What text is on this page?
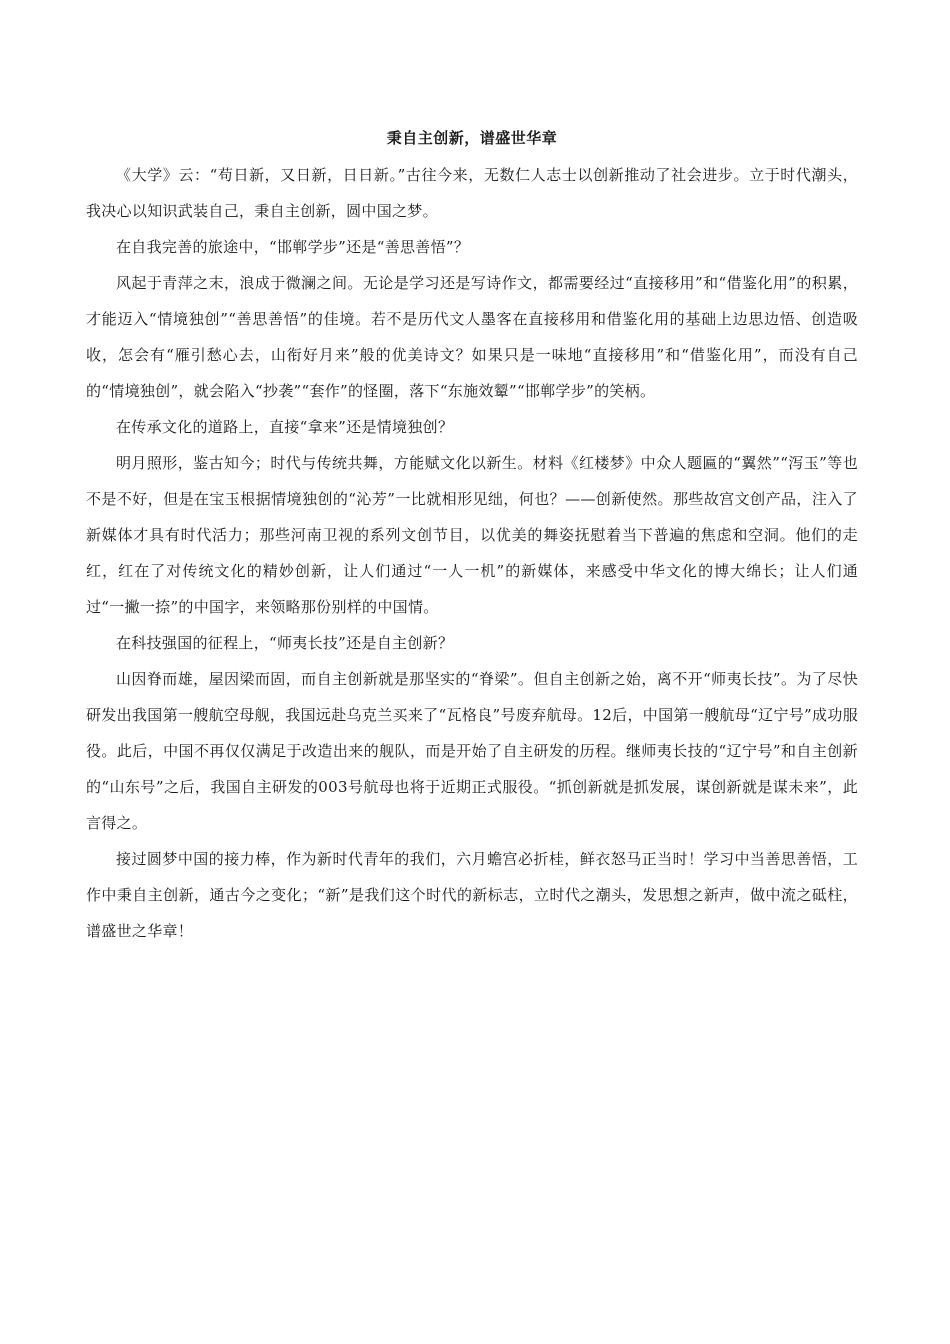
秉自主创新，谱盛世华章

《大学》云：“苟日新，又日新，日日新。”古往今来，无数仁人志士以创新推动了社会进步。立于时代潮头，我决心以知识武装自己，秉自主创新，圆中国之梦。

在自我完善的旅途中，“邯郸学步”还是“善思善悟”？

风起于青萍之末，浪成于微澜之间。无论是学习还是写诗作文，都需要经过“直接移用”和“借鉴化用”的积累，才能迈入“情境独创”“善思善悟”的佳境。若不是历代文人墨客在直接移用和借鉴化用的基础上边思边悟、创造吸收，怎会有“雁引愁心去，山衔好月来”般的优美诗文？如果只是一味地“直接移用”和“借鉴化用”，而没有自己的“情境独创”，就会陷入“抄袭”“套作”的怪圈，落下“东施效颦”“邯郸学步”的笑柄。

在传承文化的道路上，直接“拿来”还是情境独创？

明月照形，鉴古知今；时代与传统共舞，方能赋文化以新生。材料《红楼梦》中众人题匾的“翼然”“泻玉”等也不是不好，但是在宝玉根据情境独创的“沁芳”一比就相形见绌，何也？——创新使然。那些故宫文创产品，注入了新媒体才具有时代活力；那些河南卫视的系列文创节目，以优美的舞姿抚慰着当下普遍的焦虑和空洞。他们的走红，红在了对传统文化的精妙创新，让人们通过“一人一机”的新媒体，来感受中华文化的博大绵长；让人们通过“一撇一捺”的中国字，来领略那份别样的中国情。

在科技强国的征程上，“师夷长技”还是自主创新？

山因脊而雄，屋因梁而固，而自主创新就是那坚实的“脊梁”。但自主创新之始，离不开“师夷长技”。为了尽快研发出我国第一艘航空母舰，我国远赴乌克兰买来了“瓦格良”号废弃航母。12后，中国第一艘航母“辽宁号”成功服役。此后，中国不再仅仅满足于改造出来的舰队，而是开始了自主研发的历程。继师夷长技的“辽宁号”和自主创新的“山东号”之后，我国自主研发的003号航母也将于近期正式服役。“抓创新就是抓发展，谋创新就是谋未来”，此言得之。

接过圆梦中国的接力棒，作为新时代青年的我们，六月蟾宫必折桂，鲜衣怒马正当时！学习中当善思善悟，工作中秉自主创新，通古今之变化；“新”是我们这个时代的新标志，立时代之潮头，发思想之新声，做中流之砥柱，谱盛世之华章！
